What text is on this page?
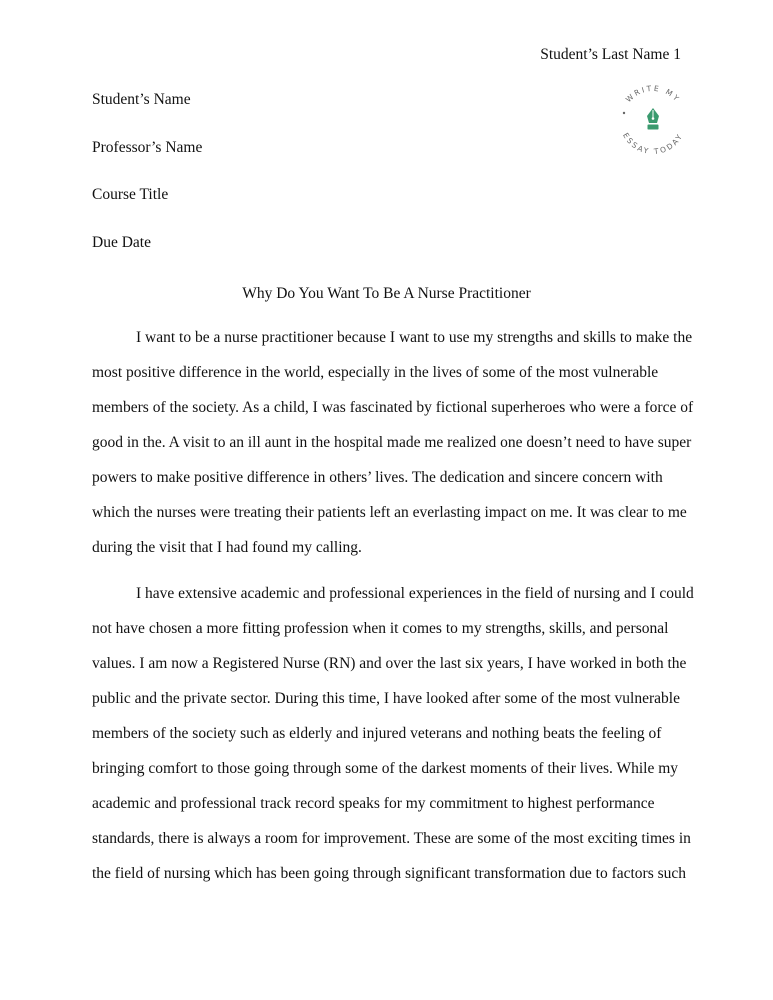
Student’s Last Name 1
WRITE MY
ESSAY TODAY
Student’s Name
Professor’s Name
Course Title
Due Date
Why Do You Want To Be A Nurse Practitioner
I want to be a nurse practitioner because I want to use my strengths and skills to make the
most positive difference in the world, especially in the lives of some of the most vulnerable
members of the society. As a child, I was fascinated by fictional superheroes who were a force of
good in the. A visit to an ill aunt in the hospital made me realized one doesn’t need to have super
powers to make positive difference in others’ lives. The dedication and sincere concern with
which the nurses were treating their patients left an everlasting impact on me. It was clear to me
during the visit that I had found my calling.
I have extensive academic and professional experiences in the field of nursing and I could
not have chosen a more fitting profession when it comes to my strengths, skills, and personal
values. I am now a Registered Nurse (RN) and over the last six years, I have worked in both the
public and the private sector. During this time, I have looked after some of the most vulnerable
members of the society such as elderly and injured veterans and nothing beats the feeling of
bringing comfort to those going through some of the darkest moments of their lives. While my
academic and professional track record speaks for my commitment to highest performance
standards, there is always a room for improvement. These are some of the most exciting times in
the field of nursing which has been going through significant transformation due to factors such
